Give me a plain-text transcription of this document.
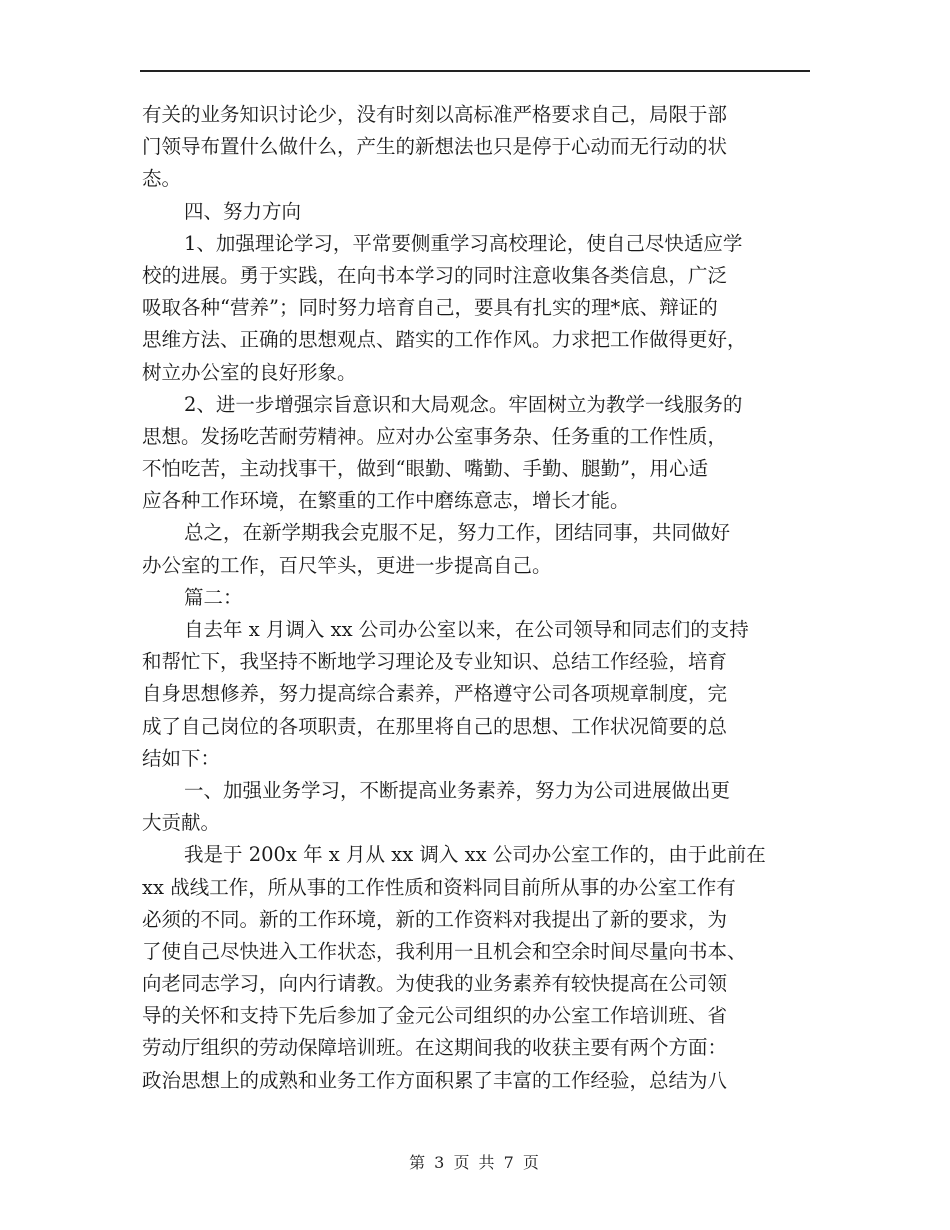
有关的业务知识讨论少，没有时刻以高标准严格要求自己，局限于部
门领导布置什么做什么，产生的新想法也只是停于心动而无行动的状
态。
四、努力方向
1、加强理论学习，平常要侧重学习高校理论，使自己尽快适应学
校的进展。勇于实践，在向书本学习的同时注意收集各类信息，广泛
吸取各种“营养”；同时努力培育自己，要具有扎实的理*底、辩证的
思维方法、正确的思想观点、踏实的工作作风。力求把工作做得更好，
树立办公室的良好形象。
2、进一步增强宗旨意识和大局观念。牢固树立为教学一线服务的
思想。发扬吃苦耐劳精神。应对办公室事务杂、任务重的工作性质，
不怕吃苦，主动找事干，做到“眼勤、嘴勤、手勤、腿勤”，用心适
应各种工作环境，在繁重的工作中磨练意志，增长才能。
总之，在新学期我会克服不足，努力工作，团结同事，共同做好
办公室的工作，百尺竿头，更进一步提高自己。
篇二：
自去年 x 月调入 xx 公司办公室以来，在公司领导和同志们的支持
和帮忙下，我坚持不断地学习理论及专业知识、总结工作经验，培育
自身思想修养，努力提高综合素养，严格遵守公司各项规章制度，完
成了自己岗位的各项职责，在那里将自己的思想、工作状况简要的总
结如下：
一、加强业务学习，不断提高业务素养，努力为公司进展做出更
大贡献。
我是于 200x 年 x 月从 xx 调入 xx 公司办公室工作的，由于此前在
xx 战线工作，所从事的工作性质和资料同目前所从事的办公室工作有
必须的不同。新的工作环境，新的工作资料对我提出了新的要求，为
了使自己尽快进入工作状态，我利用一且机会和空余时间尽量向书本、
向老同志学习，向内行请教。为使我的业务素养有较快提高在公司领
导的关怀和支持下先后参加了金元公司组织的办公室工作培训班、省
劳动厅组织的劳动保障培训班。在这期间我的收获主要有两个方面：
政治思想上的成熟和业务工作方面积累了丰富的工作经验，总结为八
第 3 页 共 7 页
